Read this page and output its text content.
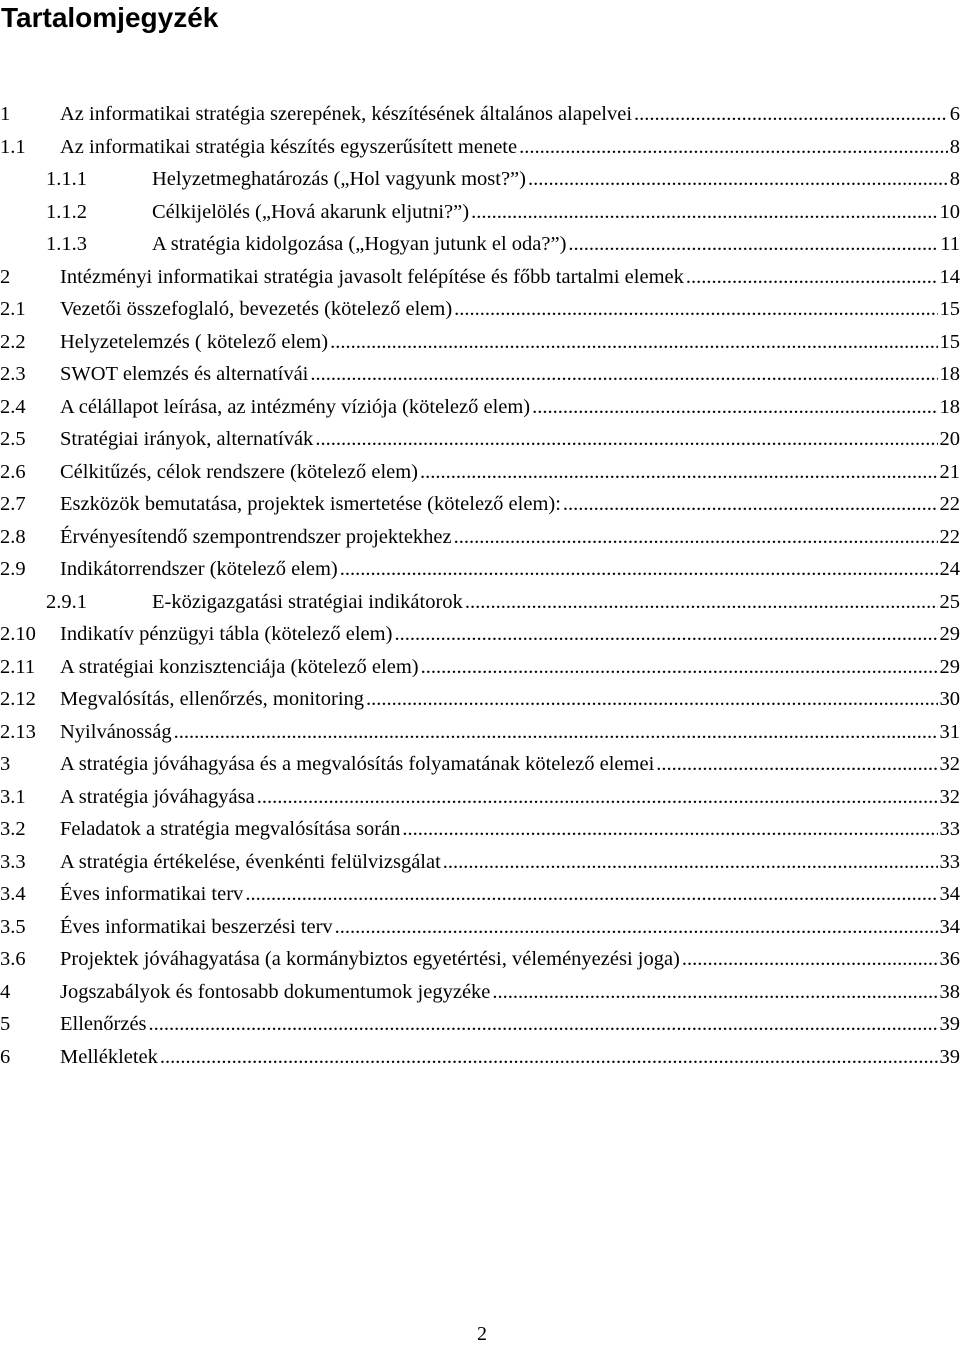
Tartalomjegyzék
1 Az informatikai stratégia szerepének, készítésének általános alapelvei .....	6
1.1 Az informatikai stratégia készítés egyszerűsített menete .....	8
1.1.1	Helyzetmeghatározás („Hol vagyunk most?”) .....	8
1.1.2	Célkijelölés („Hová akarunk eljutni?”) .....	10
1.1.3	A stratégia kidolgozása („Hogyan jutunk el oda?”) .....	11
2 Intézményi informatikai stratégia javasolt felépítése és főbb tartalmi elemek .....	14
2.1 Vezetői összefoglaló, bevezetés (kötelező elem) .....	15
2.2 Helyzetelemzés ( kötelező elem) .....	15
2.3 SWOT elemzés és alternatívái .....	18
2.4 A célállapot leírása, az intézmény víziója (kötelező elem) .....	18
2.5 Stratégiai irányok, alternatívák .....	20
2.6 Célkitűzés, célok rendszere (kötelező elem) .....	21
2.7 Eszközök bemutatása, projektek ismertetése (kötelező elem): .....	22
2.8 Érvényesítendő szempontrendszer projektekhez .....	22
2.9 Indikátorrendszer (kötelező elem) .....	24
2.9.1	E-közigazgatási stratégiai indikátorok .....	25
2.10 Indikatív pénzügyi tábla (kötelező elem) .....	29
2.11 A stratégiai konzisztenciája (kötelező elem) .....	29
2.12 Megvalósítás, ellenőrzés, monitoring .....	30
2.13 Nyilvánosság .....	31
3 A stratégia jóváhagyása és a megvalósítás folyamatának kötelező elemei .....	32
3.1 A stratégia jóváhagyása .....	32
3.2 Feladatok a stratégia megvalósítása során .....	33
3.3 A stratégia értékelése, évenkénti felülvizsgálat .....	33
3.4 Éves informatikai terv .....	34
3.5 Éves informatikai beszerzési terv .....	34
3.6 Projektek jóváhagyatása (a kormánybiztos egyetértési, véleményezési joga) .....	36
4 Jogszabályok és fontosabb dokumentumok jegyzéke .....	38
5 Ellenőrzés .....	39
6 Mellékletek .....	39
2
